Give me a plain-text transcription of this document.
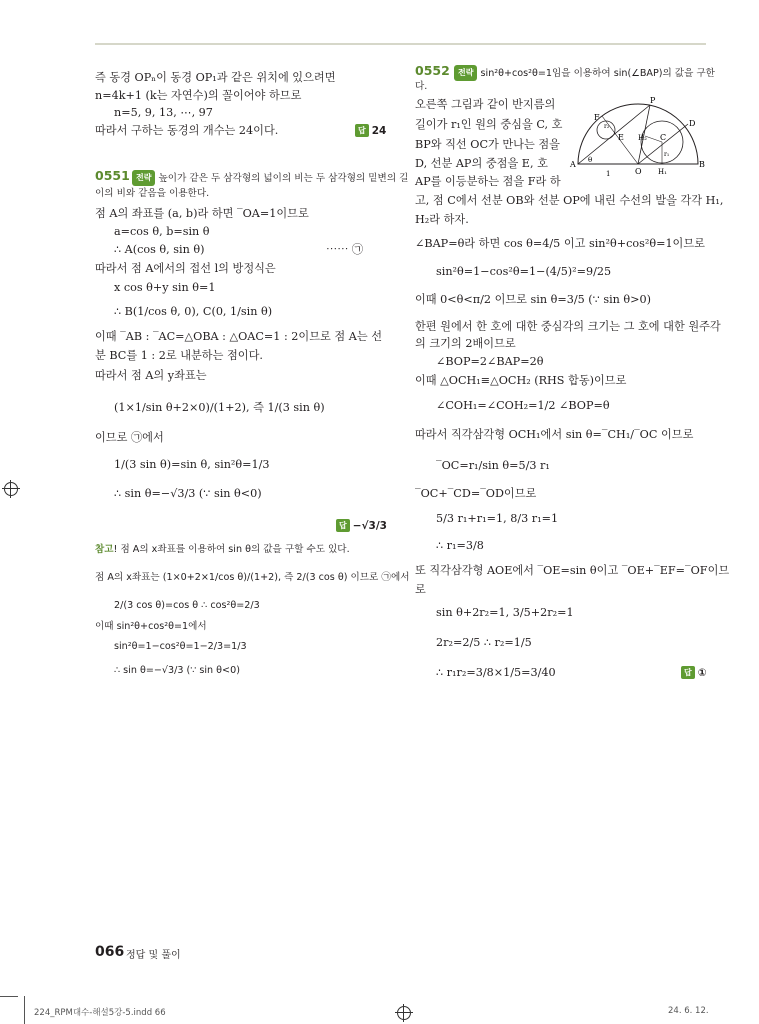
즉 동경 OPₙ이 동경 OP₁과 같은 위치에 있으려면
n=4k+1 (k는 자연수)의 꼴이어야 하므로
n=5, 9, 13, ⋯, 97
따라서 구하는 동경의 개수는 24이다.	답 24
0551 전략 높이가 같은 두 삼각형의 넓이의 비는 두 삼각형의 밑변의 길
이의 비와 같음을 이용한다.
점 A의 좌표를 (a, b)라 하면 ‾OA=1이므로
a=cos θ, b=sin θ
∴ A(cos θ, sin θ)	⋯⋯ ㉠
따라서 점 A에서의 접선 l의 방정식은
x cos θ+y sin θ=1
∴ B(1/cos θ, 0), C(0, 1/sin θ)
이때 ‾AB : ‾AC=△OBA : △OAC=1 : 2이므로 점 A는 선
분 BC를 1 : 2로 내분하는 점이다.
따라서 점 A의 y좌표는
(1×1/sin θ+2×0)/(1+2), 즉 1/(3 sin θ)
이므로 ㉠에서
1/(3 sin θ)=sin θ, sin²θ=1/3
∴ sin θ=−√3/3 (∵ sin θ<0)
답 −√3/3
참고! 점 A의 x좌표를 이용하여 sin θ의 값을 구할 수도 있다.
점 A의 x좌표는 (1×0+2×1/cos θ)/(1+2), 즉 2/(3 cos θ) 이므로 ㉠에서
2/(3 cos θ)=cos θ ∴ cos²θ=2/3
이때 sin²θ+cos²θ=1에서
sin²θ=1−cos²θ=1−2/3=1/3
∴ sin θ=−√3/3 (∵ sin θ<0)
0552	전략 sin²θ+cos²θ=1임을 이용하여 sin(∠BAP)의 값을 구한
다.
오른쪽 그림과 같이 반지름의
길이가 r₁인 원의 중심을 C, 호
BP와 직선 OC가 만나는 점을
D, 선분 AP의 중점을 E, 호
AP를 이등분하는 점을 F라 하
고, 점 C에서 선분 OB와 선분 OP에 내린 수선의 발을 각각 H₁,
H₂라 하자.
∠BAP=θ라 하면 cos θ=4/5 이고 sin²θ+cos²θ=1이므로
sin²θ=1−cos²θ=1−(4/5)²=9/25
이때 0<θ<π/2 이므로 sin θ=3/5 (∵ sin θ>0)
한편 원에서 한 호에 대한 중심각의 크기는 그 호에 대한 원주각
의 크기의 2배이므로
∠BOP=2∠BAP=2θ
이때 △OCH₁≡△OCH₂ (RHS 합동)이므로
∠COH₁=∠COH₂=1/2 ∠BOP=θ
따라서 직각삼각형 OCH₁에서 sin θ=‾CH₁/‾OC 이므로
‾OC=r₁/sin θ=5/3 r₁
‾OC+‾CD=‾OD이므로
5/3 r₁+r₁=1, 8/3 r₁=1
∴ r₁=3/8
또 직각삼각형 AOE에서 ‾OE=sin θ이고 ‾OE+‾EF=‾OF이므
로
sin θ+2r₂=1, 3/5+2r₂=1
2r₂=2/5 ∴ r₂=1/5
∴ r₁r₂=3/8×1/5=3/40	답 ①
P
F
E
r₂
H₂ C
D
r₁
A θ
O H₁
B
1
066 정답 및 풀이
224_RPM대수-해설5강-5.indd 66	24. 6. 12.
